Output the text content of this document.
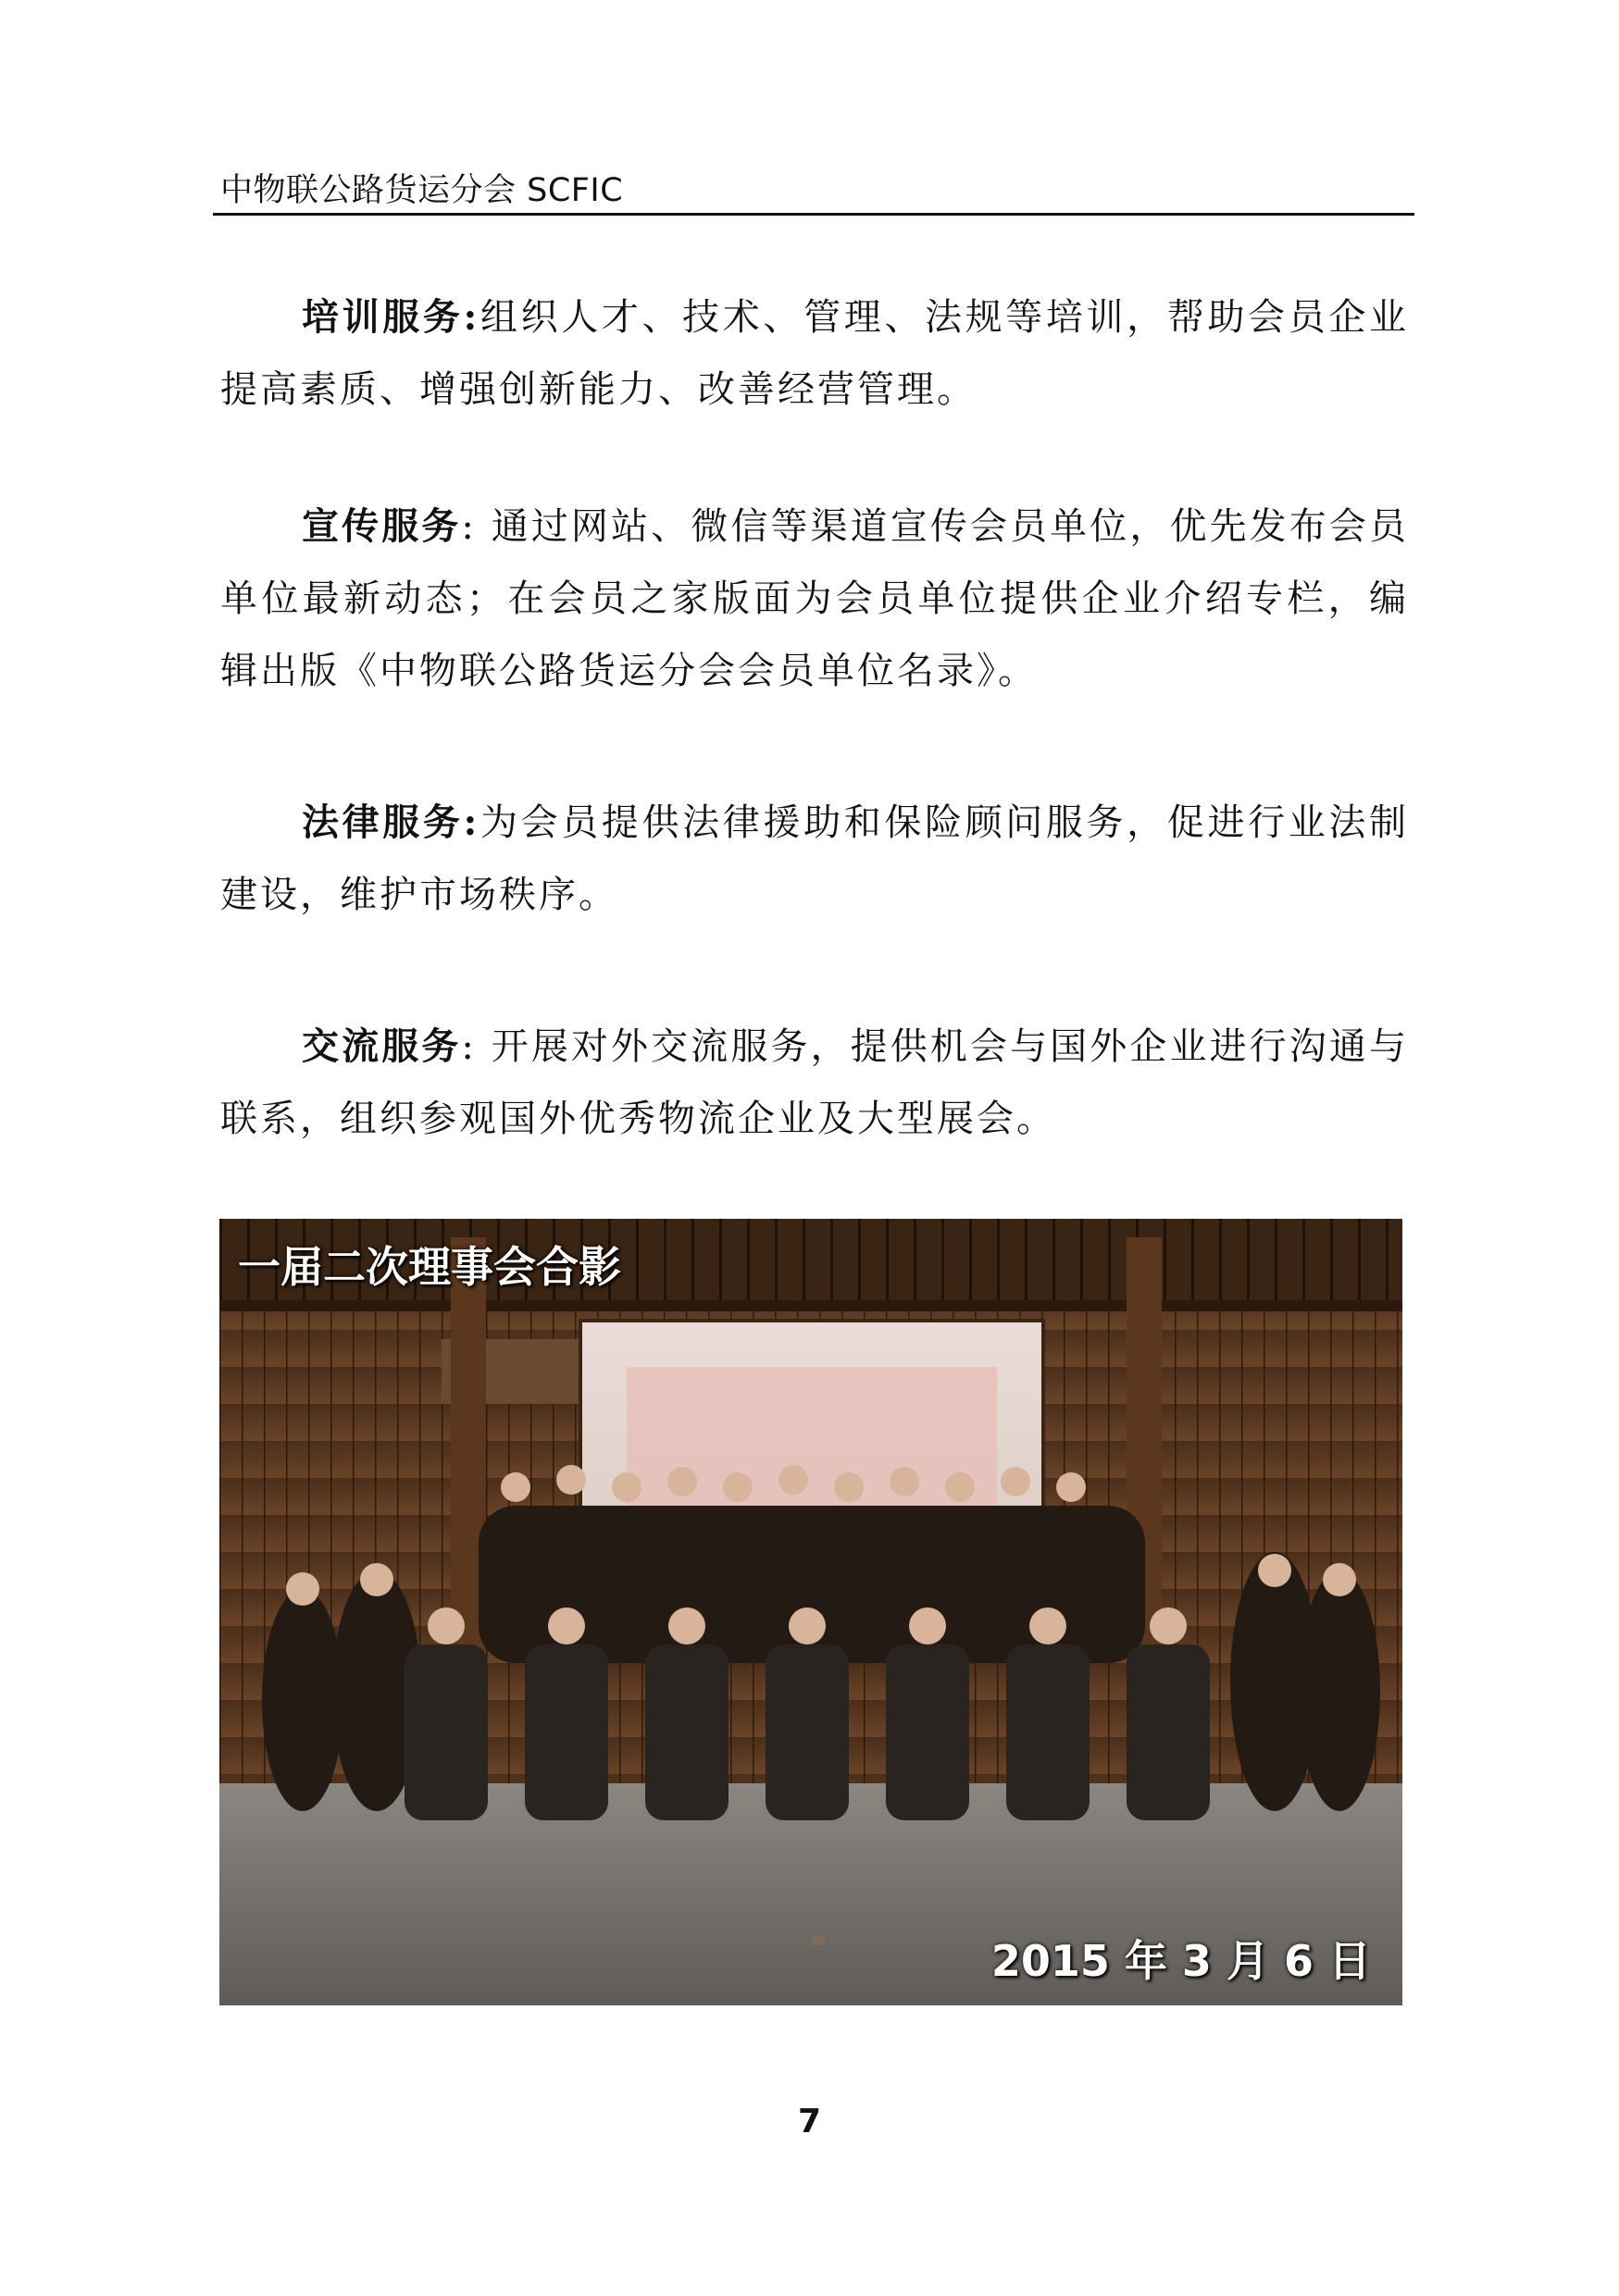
中物联公路货运分会 SCFIC

培训服务:组织人才、技术、管理、法规等培训，帮助会员企业提高素质、增强创新能力、改善经营管理。

宣传服务: 通过网站、微信等渠道宣传会员单位，优先发布会员单位最新动态；在会员之家版面为会员单位提供企业介绍专栏，编辑出版《中物联公路货运分会会员单位名录》。

法律服务:为会员提供法律援助和保险顾问服务，促进行业法制建设，维护市场秩序。

交流服务: 开展对外交流服务，提供机会与国外企业进行沟通与联系，组织参观国外优秀物流企业及大型展会。

一届二次理事会合影
2015 年 3 月 6 日
7
